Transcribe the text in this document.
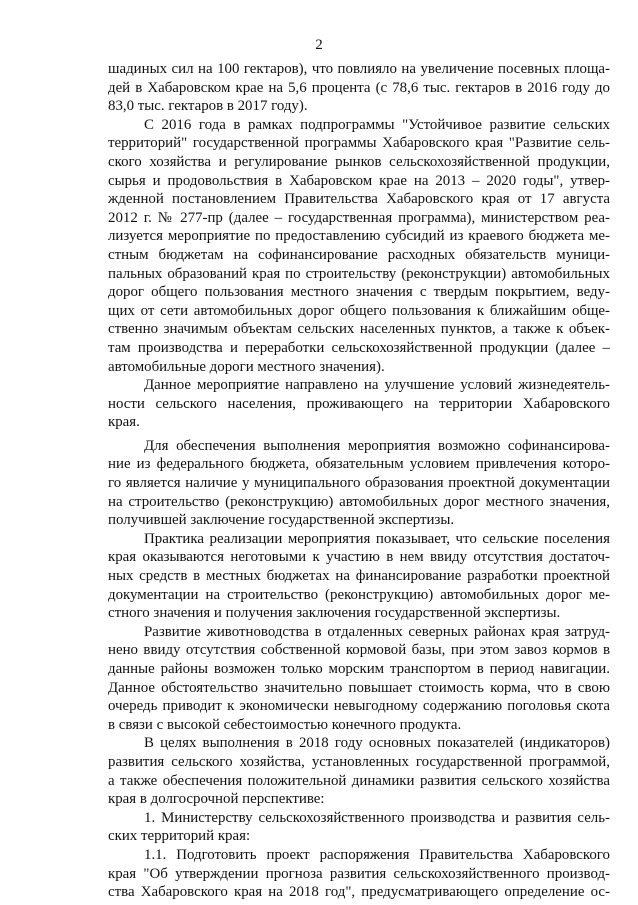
2
шадиных сил на 100 гектаров), что повлияло на увеличение посевных площа-
дей в Хабаровском крае на 5,6 процента (с 78,6 тыс. гектаров в 2016 году до
83,0 тыс. гектаров в 2017 году).
С 2016 года в рамках подпрограммы "Устойчивое развитие сельских
территорий" государственной программы Хабаровского края "Развитие сель-
ского хозяйства и регулирование рынков сельскохозяйственной продукции,
сырья и продовольствия в Хабаровском крае на 2013 – 2020 годы", утвер-
жденной постановлением Правительства Хабаровского края от 17 августа
2012 г. № 277-пр (далее – государственная программа), министерством реа-
лизуется мероприятие по предоставлению субсидий из краевого бюджета ме-
стным бюджетам на софинансирование расходных обязательств муници-
пальных образований края по строительству (реконструкции) автомобильных
дорог общего пользования местного значения с твердым покрытием, веду-
щих от сети автомобильных дорог общего пользования к ближайшим обще-
ственно значимым объектам сельских населенных пунктов, а также к объек-
там производства и переработки сельскохозяйственной продукции (далее –
автомобильные дороги местного значения).
Данное мероприятие направлено на улучшение условий жизнедеятель-
ности сельского населения, проживающего на территории Хабаровского
края.
Для обеспечения выполнения мероприятия возможно софинансирова-
ние из федерального бюджета, обязательным условием привлечения которо-
го является наличие у муниципального образования проектной документации
на строительство (реконструкцию) автомобильных дорог местного значения,
получившей заключение государственной экспертизы.
Практика реализации мероприятия показывает, что сельские поселения
края оказываются неготовыми к участию в нем ввиду отсутствия достаточ-
ных средств в местных бюджетах на финансирование разработки проектной
документации на строительство (реконструкцию) автомобильных дорог ме-
стного значения и получения заключения государственной экспертизы.
Развитие животноводства в отдаленных северных районах края затруд-
нено ввиду отсутствия собственной кормовой базы, при этом завоз кормов в
данные районы возможен только морским транспортом в период навигации.
Данное обстоятельство значительно повышает стоимость корма, что в свою
очередь приводит к экономически невыгодному содержанию поголовья скота
в связи с высокой себестоимостью конечного продукта.
В целях выполнения в 2018 году основных показателей (индикаторов)
развития сельского хозяйства, установленных государственной программой,
а также обеспечения положительной динамики развития сельского хозяйства
края в долгосрочной перспективе:
1. Министерству сельскохозяйственного производства и развития сель-
ских территорий края:
1.1. Подготовить проект распоряжения Правительства Хабаровского
края "Об утверждении прогноза развития сельскохозяйственного производ-
ства Хабаровского края на 2018 год", предусматривающего определение ос-
